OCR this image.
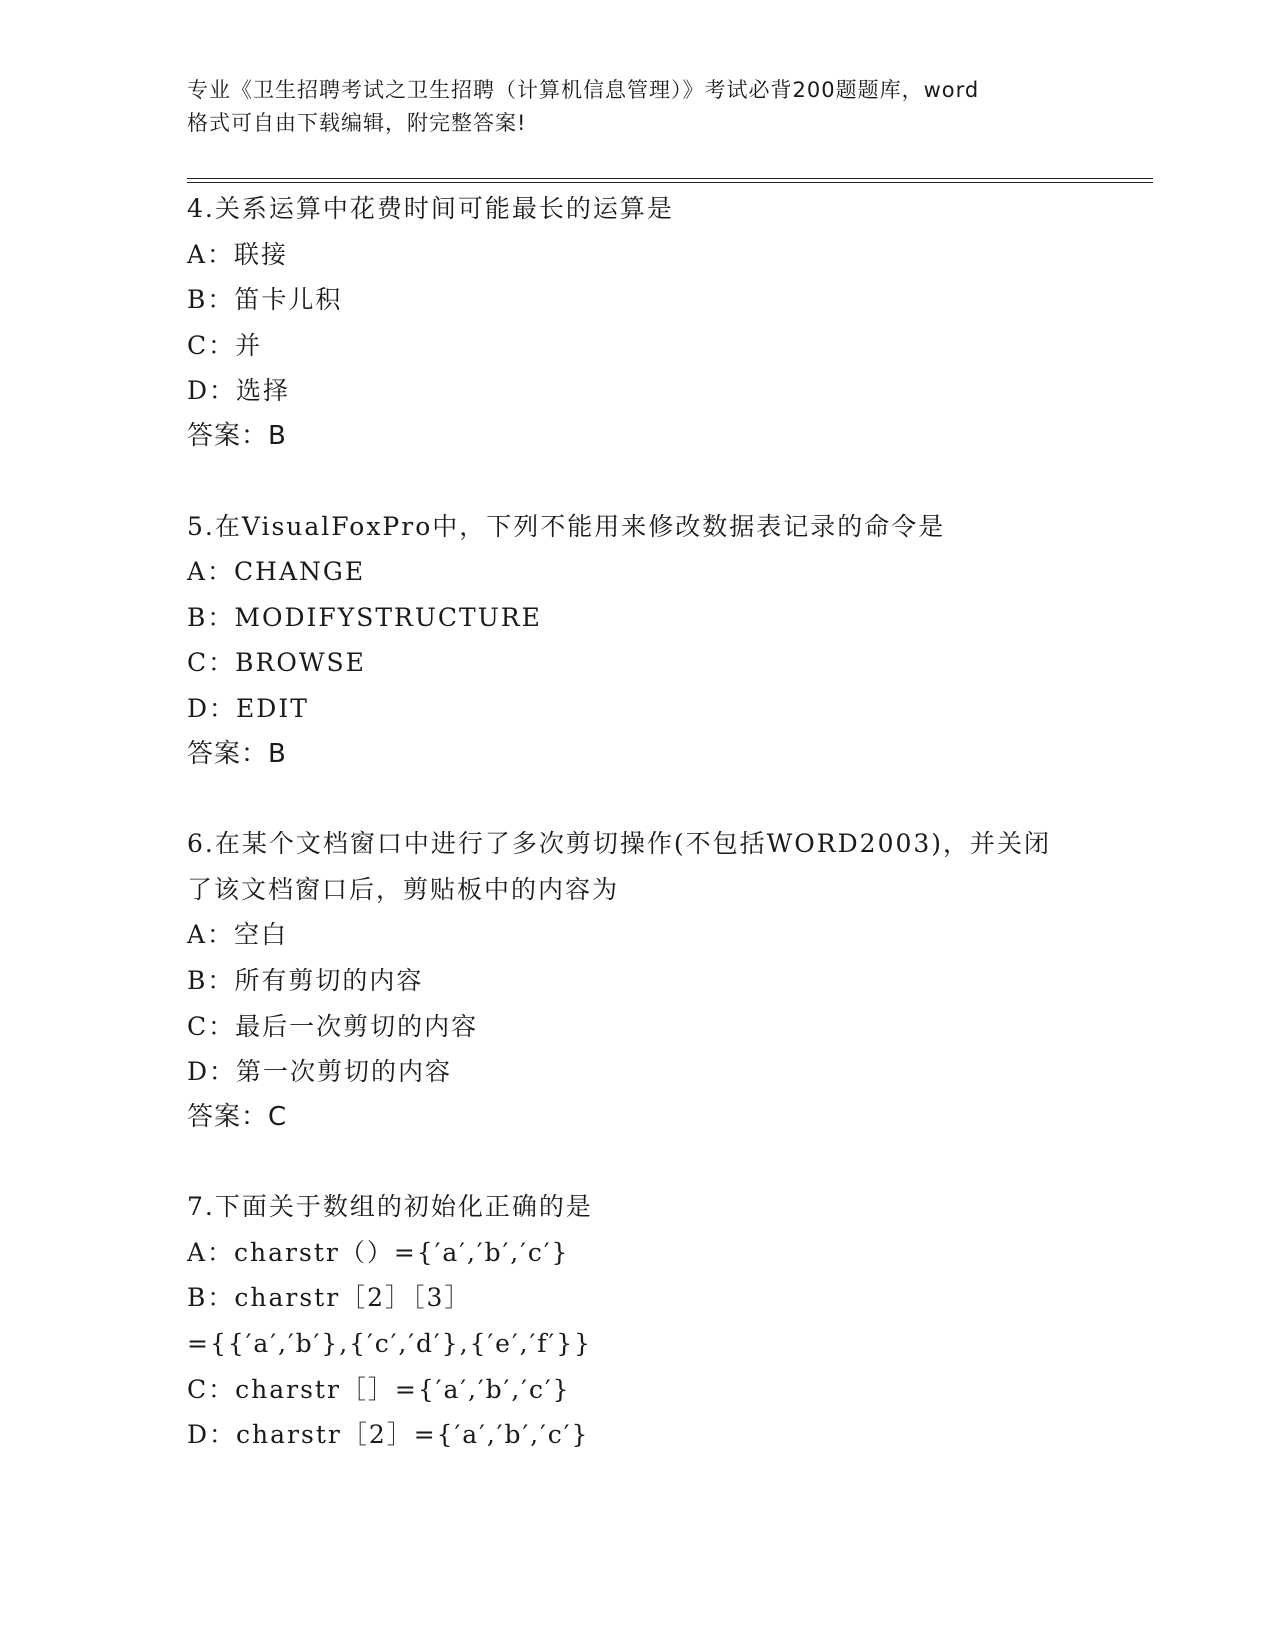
专业《卫生招聘考试之卫生招聘（计算机信息管理）》考试必背200题题库，word
格式可自由下载编辑，附完整答案!
4.关系运算中花费时间可能最长的运算是
A：联接
B：笛卡儿积
C：并
D：选择
答案：B
5.在VisualFoxPro中，下列不能用来修改数据表记录的命令是
A：CHANGE
B：MODIFYSTRUCTURE
C：BROWSE
D：EDIT
答案：B
6.在某个文档窗口中进行了多次剪切操作(不包括WORD2003)，并关闭
了该文档窗口后，剪贴板中的内容为
A：空白
B：所有剪切的内容
C：最后一次剪切的内容
D：第一次剪切的内容
答案：C
7.下面关于数组的初始化正确的是
A：charstr（）={′a′,′b′,′c′}
B：charstr［2］［3］
={{′a′,′b′},{′c′,′d′},{′e′,′f′}}
C：charstr［］={′a′,′b′,′c′}
D：charstr［2］={′a′,′b′,′c′}
